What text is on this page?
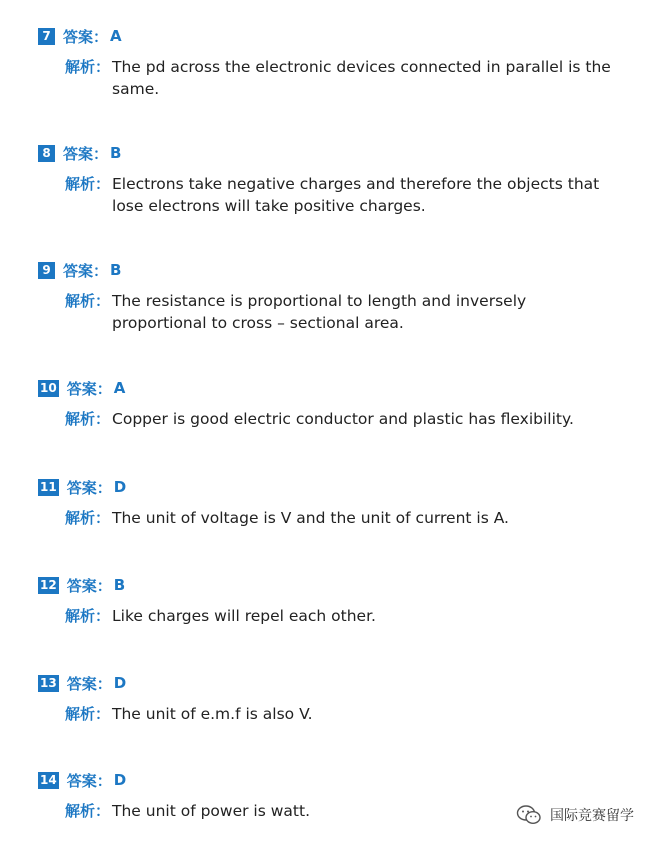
7 答案： A
解析： The pd across the electronic devices connected in parallel is the same.
8 答案： B
解析： Electrons take negative charges and therefore the objects that lose electrons will take positive charges.
9 答案： B
解析： The resistance is proportional to length and inversely proportional to cross – sectional area.
10 答案： A
解析： Copper is good electric conductor and plastic has flexibility.
11 答案： D
解析： The unit of voltage is V and the unit of current is A.
12 答案： B
解析： Like charges will repel each other.
13 答案： D
解析： The unit of e.m.f is also V.
14 答案： D
解析： The unit of power is watt.	国际竞赛留学
